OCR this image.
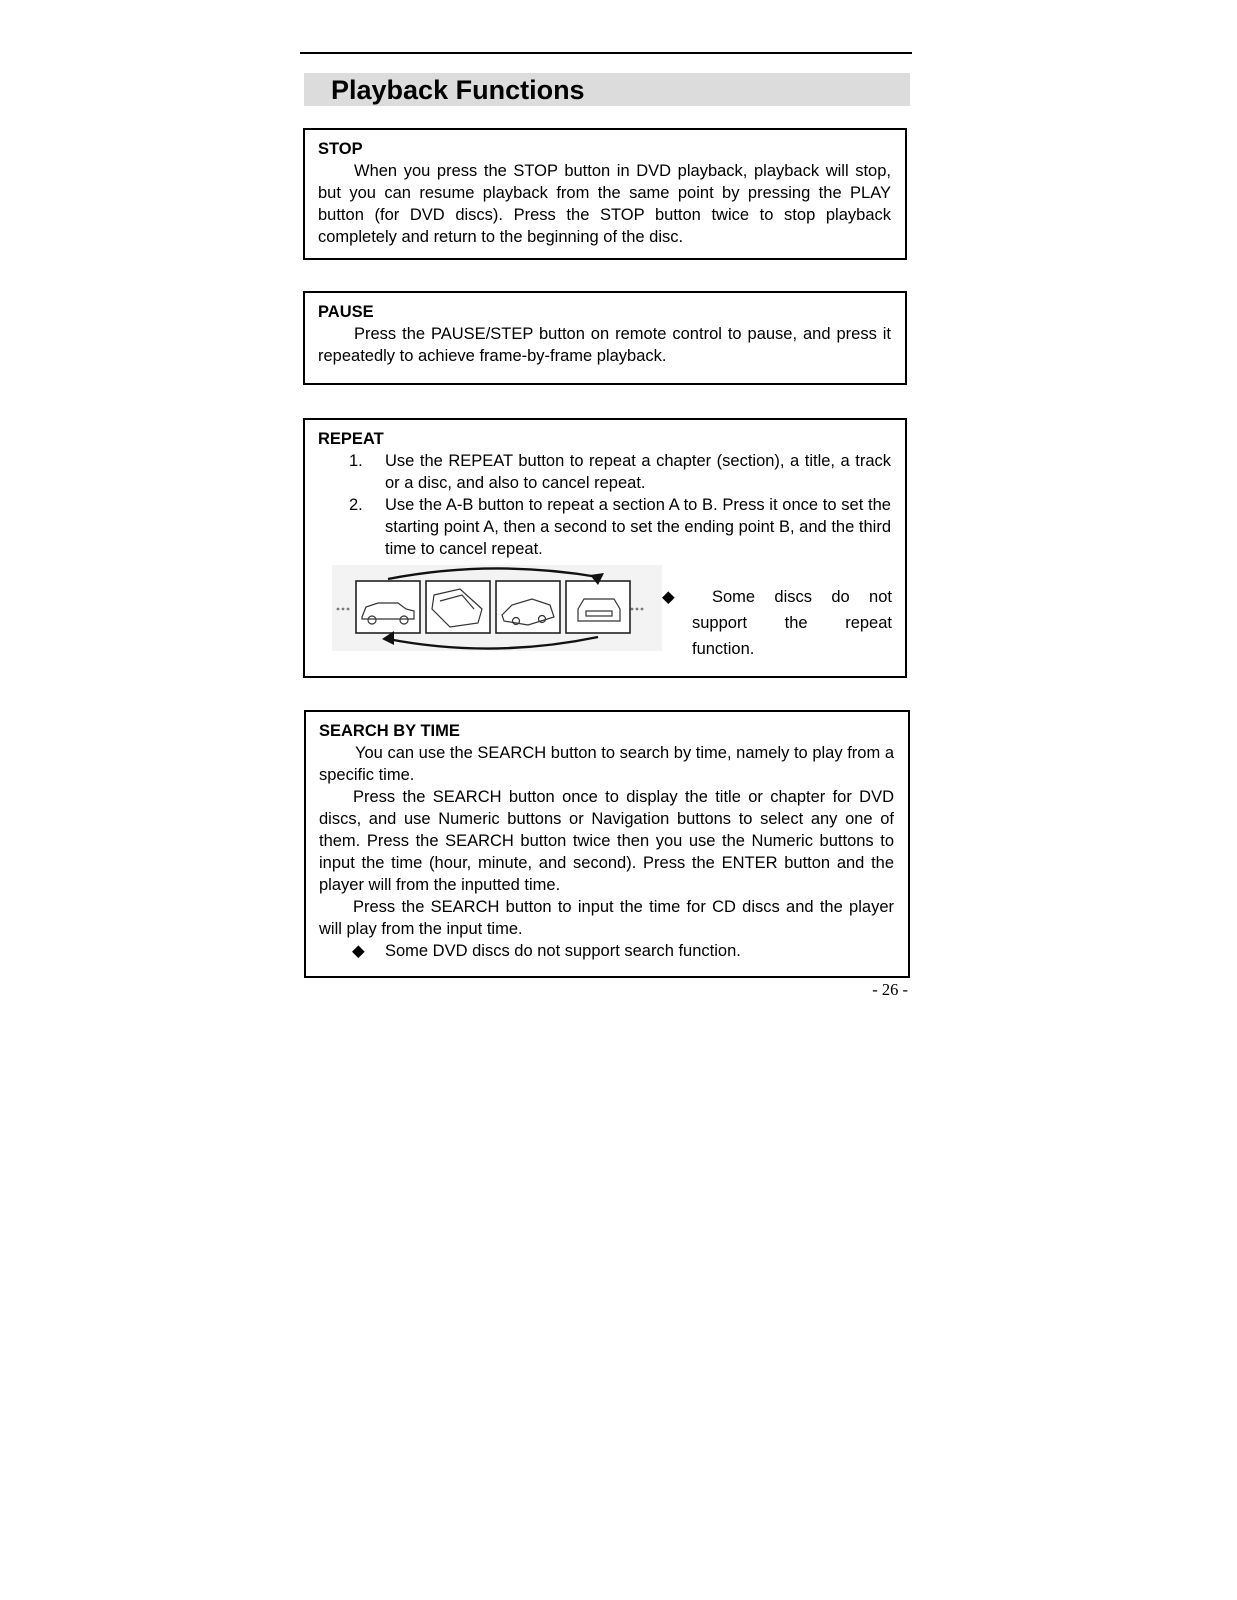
Playback Functions
STOP

When you press the STOP button in DVD playback, playback will stop, but you can resume playback from the same point by pressing the PLAY button (for DVD discs). Press the STOP button twice to stop playback completely and return to the beginning of the disc.

PAUSE

Press the PAUSE/STEP button on remote control to pause, and press it repeatedly to achieve frame-by-frame playback.

REPEAT
1. Use the REPEAT button to repeat a chapter (section), a title, a track or a disc, and also to cancel repeat.
2. Use the A-B button to repeat a section A to B. Press it once to set the starting point A, then a second to set the ending point B, and the third time to cancel repeat.
◆	Some discs do not
support the repeat
function.
SEARCH BY TIME

You can use the SEARCH button to search by time, namely to play from a specific time.

Press the SEARCH button once to display the title or chapter for DVD discs, and use Numeric buttons or Navigation buttons to select any one of them. Press the SEARCH button twice then you use the Numeric buttons to input the time (hour, minute, and second). Press the ENTER button and the player will from the inputted time.

Press the SEARCH button to input the time for CD discs and the player will play from the input time.

◆ Some DVD discs do not support search function.
- 26 -
